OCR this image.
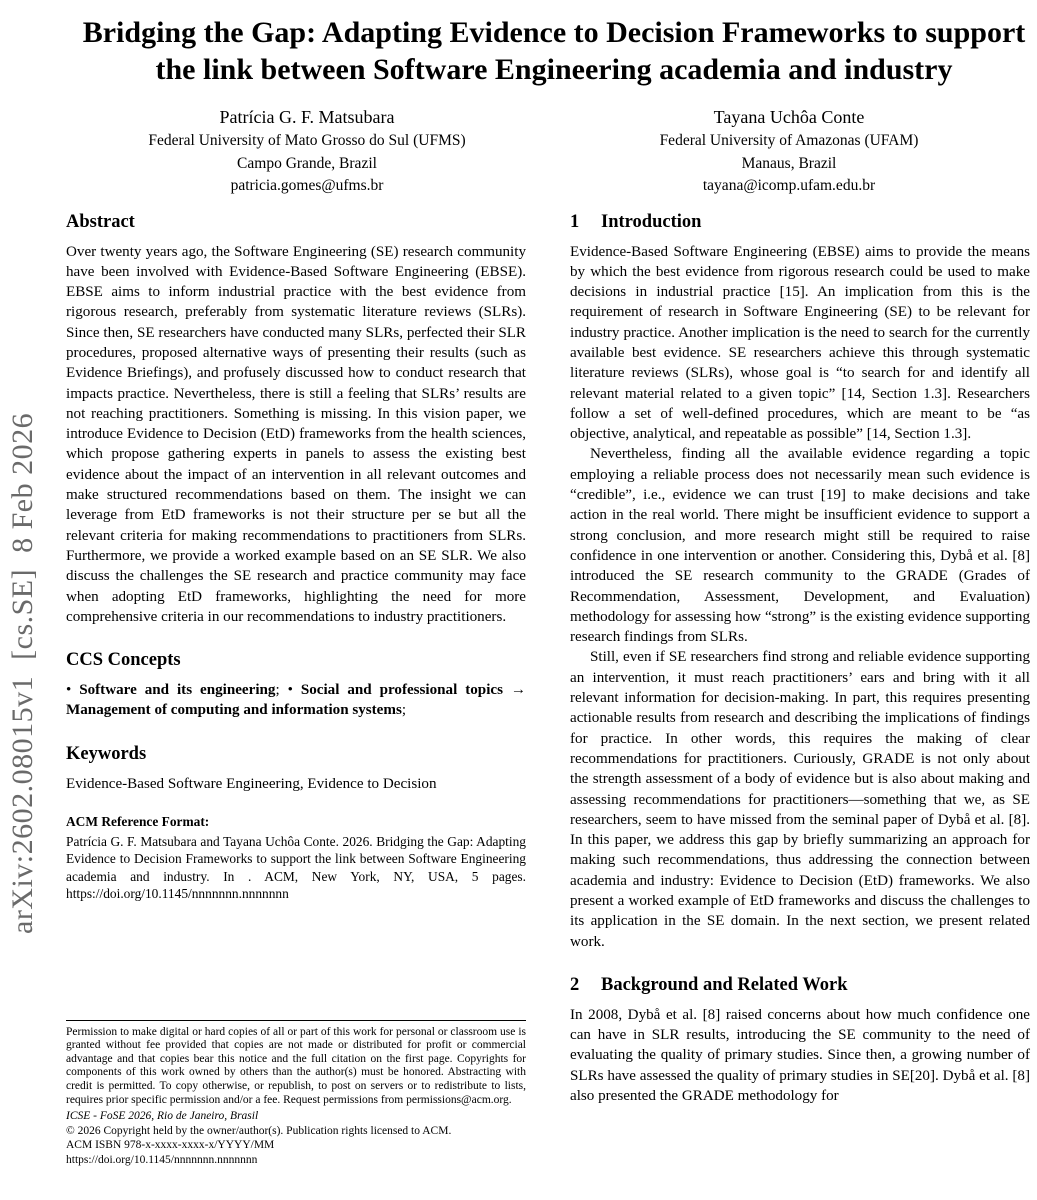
arXiv:2602.08015v1  [cs.SE]  8 Feb 2026
Bridging the Gap: Adapting Evidence to Decision Frameworks to support the link between Software Engineering academia and industry
Patrícia G. F. Matsubara
Federal University of Mato Grosso do Sul (UFMS)
Campo Grande, Brazil
patricia.gomes@ufms.br
Tayana Uchôa Conte
Federal University of Amazonas (UFAM)
Manaus, Brazil
tayana@icomp.ufam.edu.br
Abstract

Over twenty years ago, the Software Engineering (SE) research community have been involved with Evidence-Based Software Engineering (EBSE). EBSE aims to inform industrial practice with the best evidence from rigorous research, preferably from systematic literature reviews (SLRs). Since then, SE researchers have conducted many SLRs, perfected their SLR procedures, proposed alternative ways of presenting their results (such as Evidence Briefings), and profusely discussed how to conduct research that impacts practice. Nevertheless, there is still a feeling that SLRs’ results are not reaching practitioners. Something is missing. In this vision paper, we introduce Evidence to Decision (EtD) frameworks from the health sciences, which propose gathering experts in panels to assess the existing best evidence about the impact of an intervention in all relevant outcomes and make structured recommendations based on them. The insight we can leverage from EtD frameworks is not their structure per se but all the relevant criteria for making recommendations to practitioners from SLRs. Furthermore, we provide a worked example based on an SE SLR. We also discuss the challenges the SE research and practice community may face when adopting EtD frameworks, highlighting the need for more comprehensive criteria in our recommendations to industry practitioners.

CCS Concepts

• Software and its engineering; • Social and professional topics → Management of computing and information systems;

Keywords

Evidence-Based Software Engineering, Evidence to Decision

ACM Reference Format:

Patrícia G. F. Matsubara and Tayana Uchôa Conte. 2026. Bridging the Gap: Adapting Evidence to Decision Frameworks to support the link between Software Engineering academia and industry. In . ACM, New York, NY, USA, 5 pages. https://doi.org/10.1145/nnnnnnn.nnnnnnn

Permission to make digital or hard copies of all or part of this work for personal or classroom use is granted without fee provided that copies are not made or distributed for profit or commercial advantage and that copies bear this notice and the full citation on the first page. Copyrights for components of this work owned by others than the author(s) must be honored. Abstracting with credit is permitted. To copy otherwise, or republish, to post on servers or to redistribute to lists, requires prior specific permission and/or a fee. Request permissions from permissions@acm.org.

ICSE - FoSE 2026, Rio de Janeiro, Brasil
© 2026 Copyright held by the owner/author(s). Publication rights licensed to ACM.
ACM ISBN 978-x-xxxx-xxxx-x/YYYY/MM
https://doi.org/10.1145/nnnnnnn.nnnnnnn
1	Introduction

Evidence-Based Software Engineering (EBSE) aims to provide the means by which the best evidence from rigorous research could be used to make decisions in industrial practice [15]. An implication from this is the requirement of research in Software Engineering (SE) to be relevant for industry practice. Another implication is the need to search for the currently available best evidence. SE researchers achieve this through systematic literature reviews (SLRs), whose goal is “to search for and identify all relevant material related to a given topic” [14, Section 1.3]. Researchers follow a set of well-defined procedures, which are meant to be “as objective, analytical, and repeatable as possible” [14, Section 1.3].

Nevertheless, finding all the available evidence regarding a topic employing a reliable process does not necessarily mean such evidence is “credible”, i.e., evidence we can trust [19] to make decisions and take action in the real world. There might be insufficient evidence to support a strong conclusion, and more research might still be required to raise confidence in one intervention or another. Considering this, Dybå et al. [8] introduced the SE research community to the GRADE (Grades of Recommendation, Assessment, Development, and Evaluation) methodology for assessing how “strong” is the existing evidence supporting research findings from SLRs.

Still, even if SE researchers find strong and reliable evidence supporting an intervention, it must reach practitioners’ ears and bring with it all relevant information for decision-making. In part, this requires presenting actionable results from research and describing the implications of findings for practice. In other words, this requires the making of clear recommendations for practitioners. Curiously, GRADE is not only about the strength assessment of a body of evidence but is also about making and assessing recommendations for practitioners—something that we, as SE researchers, seem to have missed from the seminal paper of Dybå et al. [8]. In this paper, we address this gap by briefly summarizing an approach for making such recommendations, thus addressing the connection between academia and industry: Evidence to Decision (EtD) frameworks. We also present a worked example of EtD frameworks and discuss the challenges to its application in the SE domain. In the next section, we present related work.

2	Background and Related Work

In 2008, Dybå et al. [8] raised concerns about how much confidence one can have in SLR results, introducing the SE community to the need of evaluating the quality of primary studies. Since then, a growing number of SLRs have assessed the quality of primary studies in SE[20]. Dybå et al. [8] also presented the GRADE methodology for
